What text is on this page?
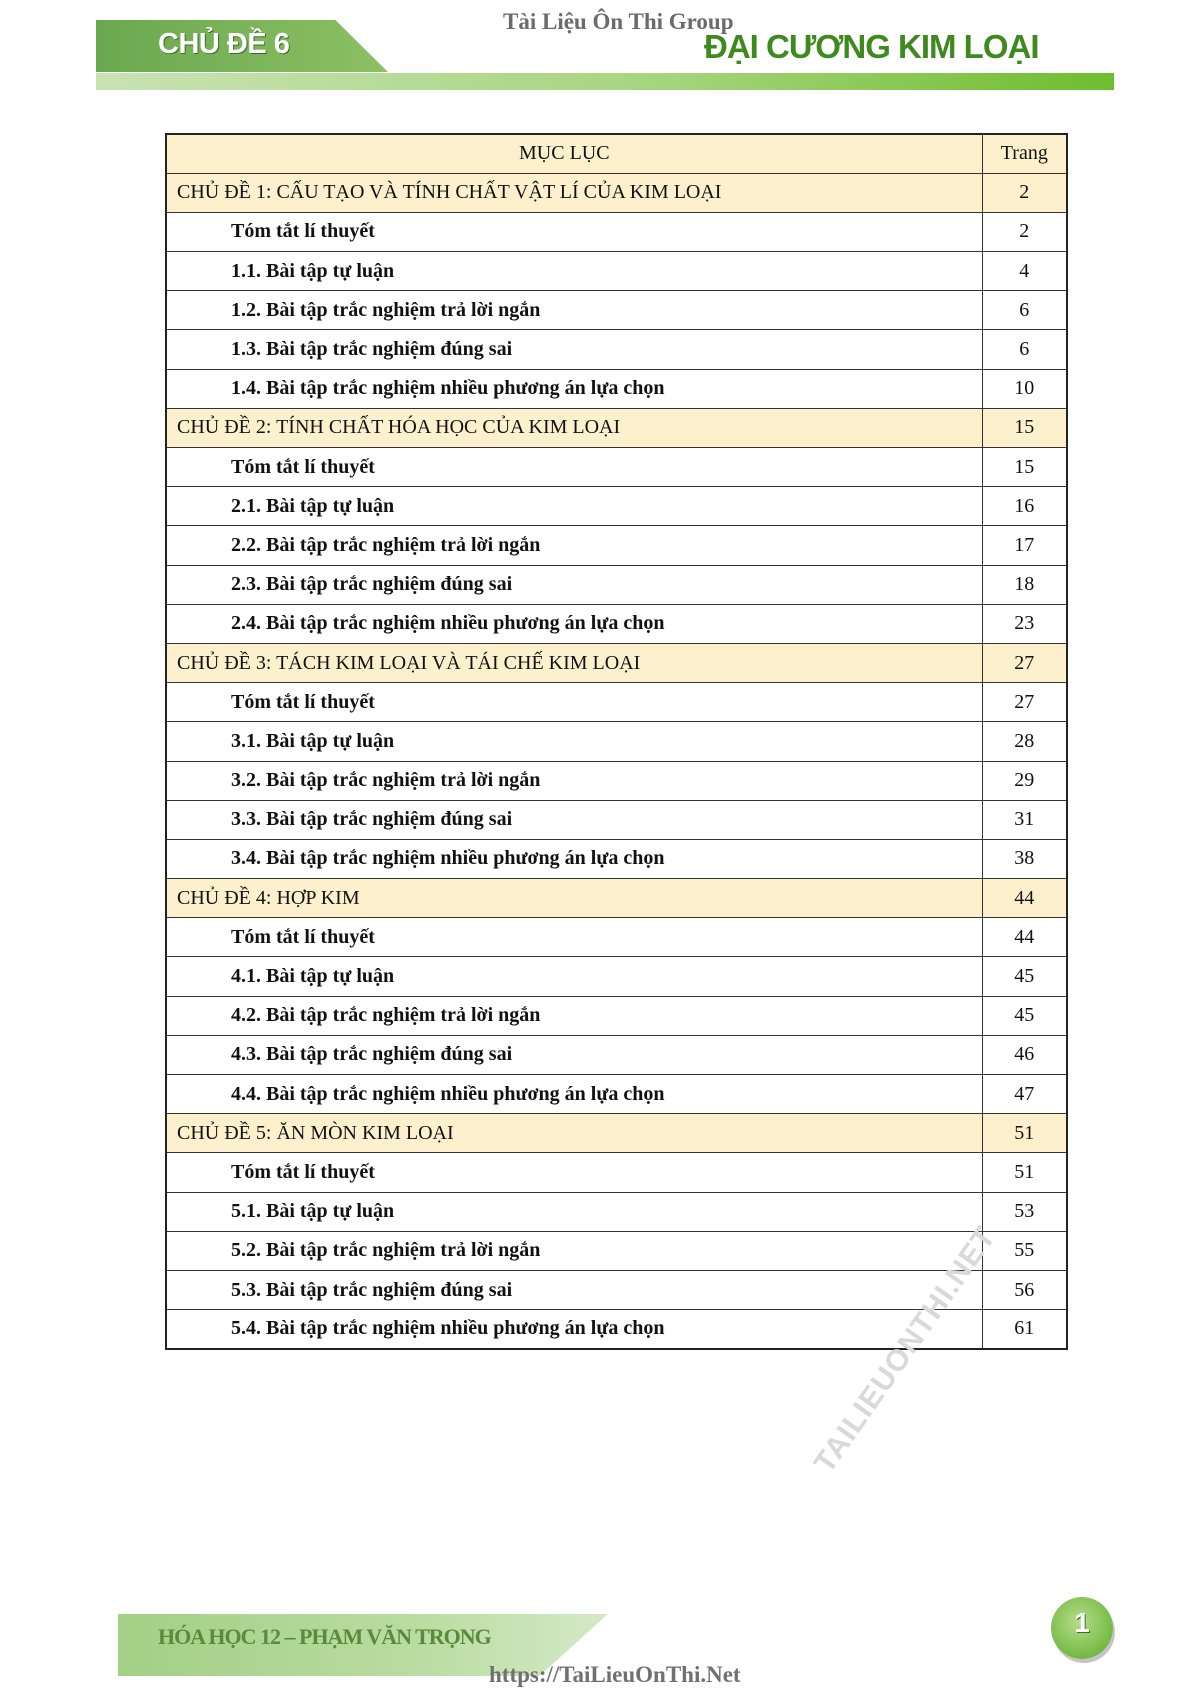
CHỦ ĐỀ 6
Tài Liệu Ôn Thi Group
ĐẠI CƯƠNG KIM LOẠI
MỤC LỤC	Trang
CHỦ ĐỀ 1: CẤU TẠO VÀ TÍNH CHẤT VẬT LÍ CỦA KIM LOẠI	2
Tóm tắt lí thuyết	2
1.1. Bài tập tự luận	4
1.2. Bài tập trắc nghiệm trả lời ngắn	6
1.3. Bài tập trắc nghiệm đúng sai	6
1.4. Bài tập trắc nghiệm nhiều phương án lựa chọn	10
CHỦ ĐỀ 2: TÍNH CHẤT HÓA HỌC CỦA KIM LOẠI	15
Tóm tắt lí thuyết	15
2.1. Bài tập tự luận	16
2.2. Bài tập trắc nghiệm trả lời ngắn	17
2.3. Bài tập trắc nghiệm đúng sai	18
2.4. Bài tập trắc nghiệm nhiều phương án lựa chọn	23
CHỦ ĐỀ 3: TÁCH KIM LOẠI VÀ TÁI CHẾ KIM LOẠI	27
Tóm tắt lí thuyết	27
3.1. Bài tập tự luận	28
3.2. Bài tập trắc nghiệm trả lời ngắn	29
3.3. Bài tập trắc nghiệm đúng sai	31
3.4. Bài tập trắc nghiệm nhiều phương án lựa chọn	38
CHỦ ĐỀ 4: HỢP KIM	44
Tóm tắt lí thuyết	44
4.1. Bài tập tự luận	45
4.2. Bài tập trắc nghiệm trả lời ngắn	45
4.3. Bài tập trắc nghiệm đúng sai	46
4.4. Bài tập trắc nghiệm nhiều phương án lựa chọn	47
CHỦ ĐỀ 5: ĂN MÒN KIM LOẠI	51
Tóm tắt lí thuyết	51
5.1. Bài tập tự luận	53
5.2. Bài tập trắc nghiệm trả lời ngắn	55
5.3. Bài tập trắc nghiệm đúng sai	56
5.4. Bài tập trắc nghiệm nhiều phương án lựa chọn	61
TAILIEUONTHI.NET
HÓA HỌC 12 – PHẠM VĂN TRỌNG
https://TaiLieuOnThi.Net
1
